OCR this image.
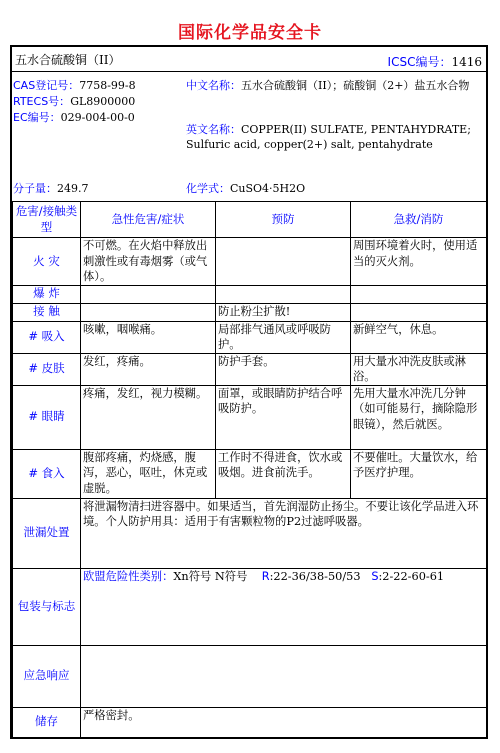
国际化学品安全卡
五水合硫酸铜（II）	ICSC编号：1416
CAS登记号：7758-99-8
RTECS号：GL8900000
EC编号：029-004-00-0
中文名称：五水合硫酸铜（II）；硫酸铜（2+）盐五水合物
英文名称：COPPER(II) SULFATE, PENTAHYDRATE; Sulfuric acid, copper(2+) salt, pentahydrate
分子量：249.7	化学式：CuSO4·5H2O
危害/接触类型	急性危害/症状	预防	急救/消防
火 灾	不可燃。在火焰中释放出刺激性或有毒烟雾（或气体）。		周围环境着火时，使用适当的灭火剂。
爆 炸			
接 触		防止粉尘扩散!	
# 吸入	咳嗽，咽喉痛。	局部排气通风或呼吸防护。	新鲜空气，休息。
# 皮肤	发红，疼痛。	防护手套。	用大量水冲洗皮肤或淋浴。
# 眼睛	疼痛，发红，视力模糊。	面罩，或眼睛防护结合呼吸防护。	先用大量水冲洗几分钟（如可能易行，摘除隐形眼镜），然后就医。
# 食入	腹部疼痛，灼烧感，腹泻，恶心，呕吐，休克或虚脱。	工作时不得进食，饮水或吸烟。进食前洗手。	不要催吐。大量饮水，给予医疗护理。
泄漏处置	将泄漏物清扫进容器中。如果适当，首先润湿防止扬尘。不要让该化学品进入环境。个人防护用具：适用于有害颗粒物的P2过滤呼吸器。		
包装与标志	欧盟危险性类别：Xn符号 N符号 R:22-36/38-50/53 S:2-22-60-61		
应急响应			
储存	严格密封。		
